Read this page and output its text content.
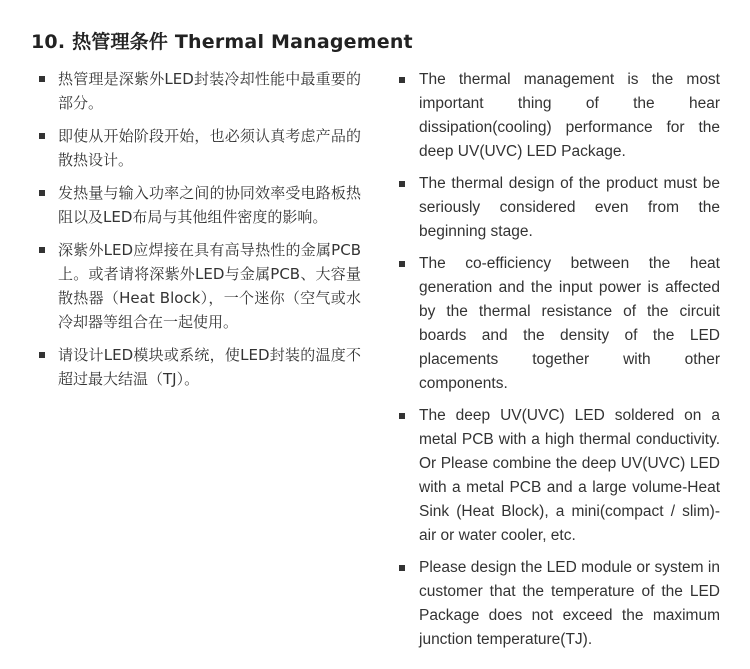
10. 热管理条件 Thermal Management
热管理是深紫外LED封装冷却性能中最重要的部分。
即使从开始阶段开始，也必须认真考虑产品的散热设计。
发热量与输入功率之间的协同效率受电路板热阻以及LED布局与其他组件密度的影响。
深紫外LED应焊接在具有高导热性的金属PCB上。或者请将深紫外LED与金属PCB、大容量散热器（Heat Block），一个迷你（空气或水冷却器等组合在一起使用。
请设计LED模块或系统，使LED封装的温度不超过最大结温（TJ）。
The thermal management is the most important thing of the hear dissipation(cooling) performance for the deep UV(UVC) LED Package.
The thermal design of the product must be seriously considered even from the beginning stage.
The co-efficiency between the heat generation and the input power is affected by the thermal resistance of the circuit boards and the density of the LED placements together with other components.
The deep UV(UVC) LED soldered on a metal PCB with a high thermal conductivity. Or Please combine the deep UV(UVC) LED with a metal PCB and a large volume-Heat Sink (Heat Block), a mini(compact / slim)-air or water cooler, etc.
Please design the LED module or system in customer that the temperature of the LED Package does not exceed the maximum junction temperature(TJ).
